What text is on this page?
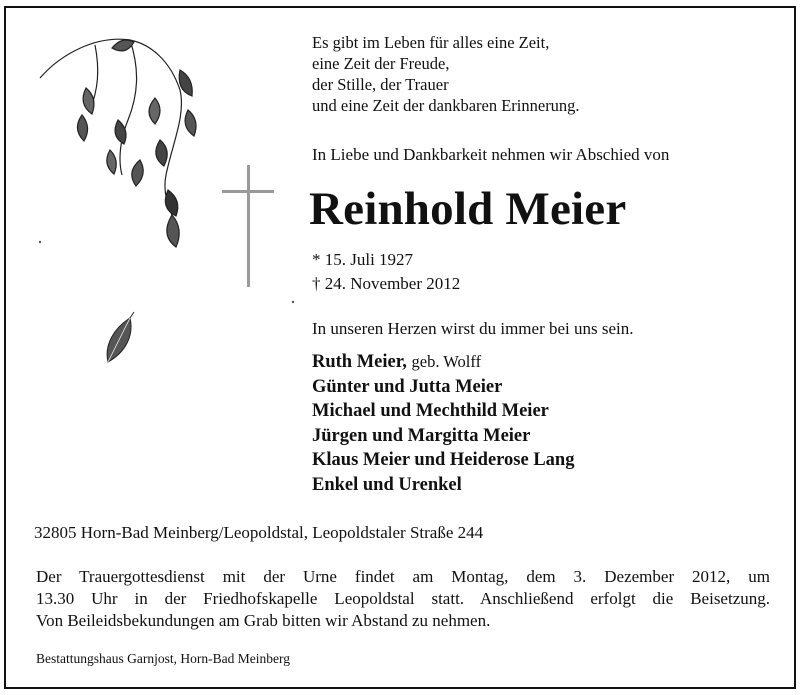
Es gibt im Leben für alles eine Zeit,
eine Zeit der Freude,
der Stille, der Trauer
und eine Zeit der dankbaren Erinnerung.
In Liebe und Dankbarkeit nehmen wir Abschied von
Reinhold Meier
* 15. Juli 1927
† 24. November 2012
In unseren Herzen wirst du immer bei uns sein.
Ruth Meier, geb. Wolff
Günter und Jutta Meier
Michael und Mechthild Meier
Jürgen und Margitta Meier
Klaus Meier und Heiderose Lang
Enkel und Urenkel
32805 Horn-Bad Meinberg/Leopoldstal, Leopoldstaler Straße 244
Der Trauergottesdienst mit der Urne findet am Montag, dem 3. Dezember 2012, um
13.30 Uhr in der Friedhofskapelle Leopoldstal statt. Anschließend erfolgt die Beisetzung.
Von Beileidsbekundungen am Grab bitten wir Abstand zu nehmen.
Bestattungshaus Garnjost, Horn-Bad Meinberg
